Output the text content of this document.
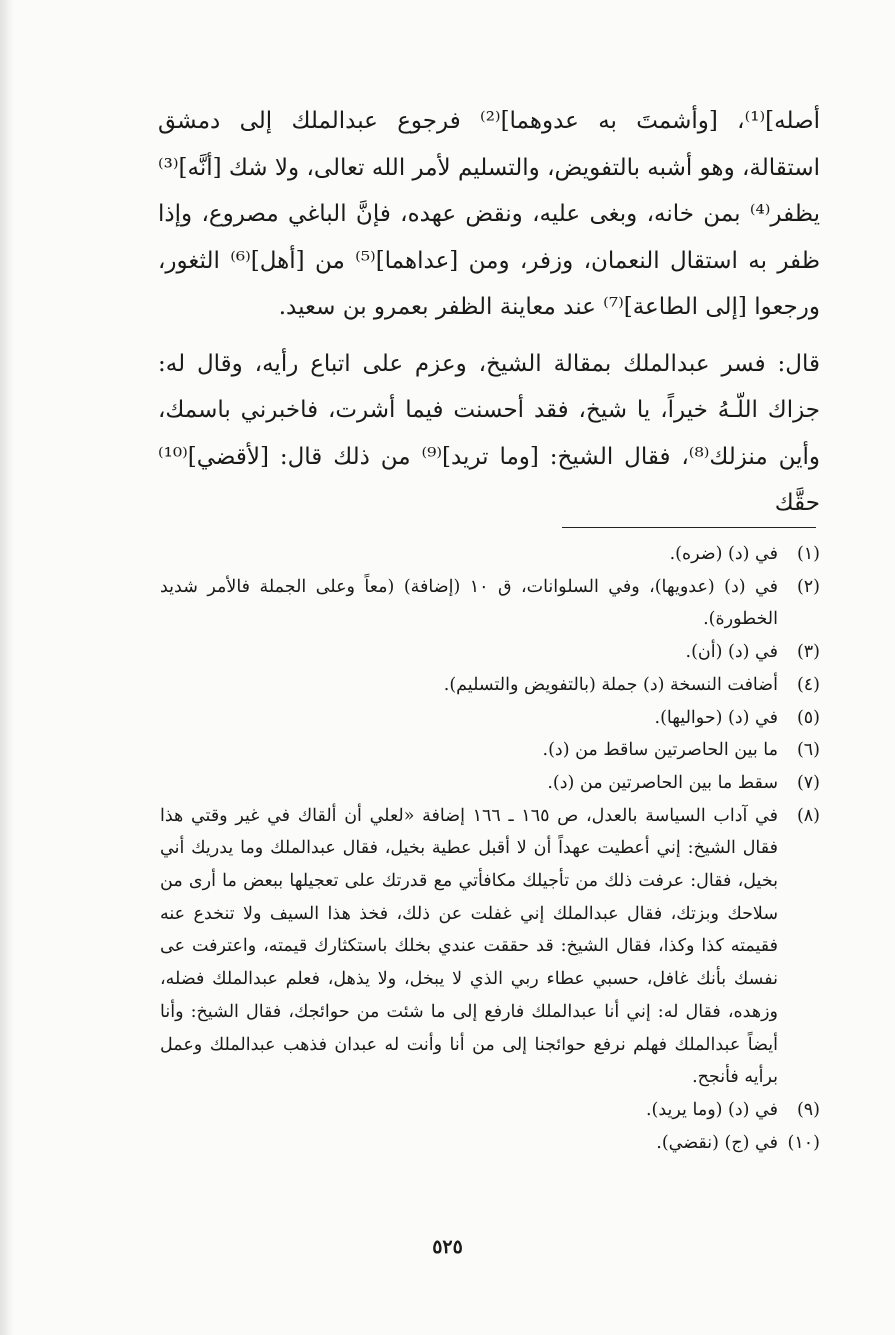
أصله]⁽¹⁾، [وأشمتَ به عدوهما]⁽²⁾ فرجوع عبدالملك إلى دمشق استقالة، وهو أشبه بالتفويض، والتسليم لأمر الله تعالى، ولا شك [أنَّه]⁽³⁾ يظفر⁽⁴⁾ بمن خانه، وبغى عليه، ونقض عهده، فإنَّ الباغي مصروع، وإذا ظفر به استقال النعمان، وزفر، ومن [عداهما]⁽⁵⁾ من [أهل]⁽⁶⁾ الثغور، ورجعوا [إلى الطاعة]⁽⁷⁾ عند معاينة الظفر بعمرو بن سعيد.

قال: فسر عبدالملك بمقالة الشيخ، وعزم على اتباع رأيه، وقال له: جزاك اللّـهُ خيراً، يا شيخ، فقد أحسنت فيما أشرت، فاخبرني باسمك، وأين منزلك⁽⁸⁾، فقال الشيخ: [وما تريد]⁽⁹⁾ من ذلك قال: [لأقضي]⁽¹⁰⁾حقَّك

(١)
في (د) (ضره).
(٢)
في (د) (عدويها)، وفي السلوانات، ق ١٠ (إضافة) (معاً وعلى الجملة فالأمر شديد الخطورة).
(٣)
في (د) (أن).
(٤)
أضافت النسخة (د) جملة (بالتفويض والتسليم).
(٥)
في (د) (حواليها).
(٦)
ما بين الحاصرتين ساقط من (د).
(٧)
سقط ما بين الحاصرتين من (د).
(٨)
في آداب السياسة بالعدل، ص ١٦٥ ـ ١٦٦ إضافة «لعلي أن ألقاك في غير وقتي هذا فقال الشيخ: إني أعطيت عهداً أن لا أقبل عطية بخيل، فقال عبدالملك وما يدريك أني بخيل، فقال: عرفت ذلك من تأجيلك مكافأتي مع قدرتك على تعجيلها ببعض ما أرى من سلاحك وبزتك، فقال عبدالملك إني غفلت عن ذلك، فخذ هذا السيف ولا تنخدع عنه فقيمته كذا وكذا، فقال الشيخ: قد حققت عندي بخلك باستكثارك قيمته، واعترفت عى نفسك بأنك غافل، حسبي عطاء ربي الذي لا يبخل، ولا يذهل، فعلم عبدالملك فضله، وزهده، فقال له: إني أنا عبدالملك فارفع إلى ما شئت من حوائجك، فقال الشيخ: وأنا أيضاً عبدالملك فهلم نرفع حوائجنا إلى من أنا وأنت له عبدان فذهب عبدالملك وعمل برأيه فأنجح.
(٩)
في (د) (وما يريد).
(١٠)
في (ج) (نقضي).
٥٢٥
